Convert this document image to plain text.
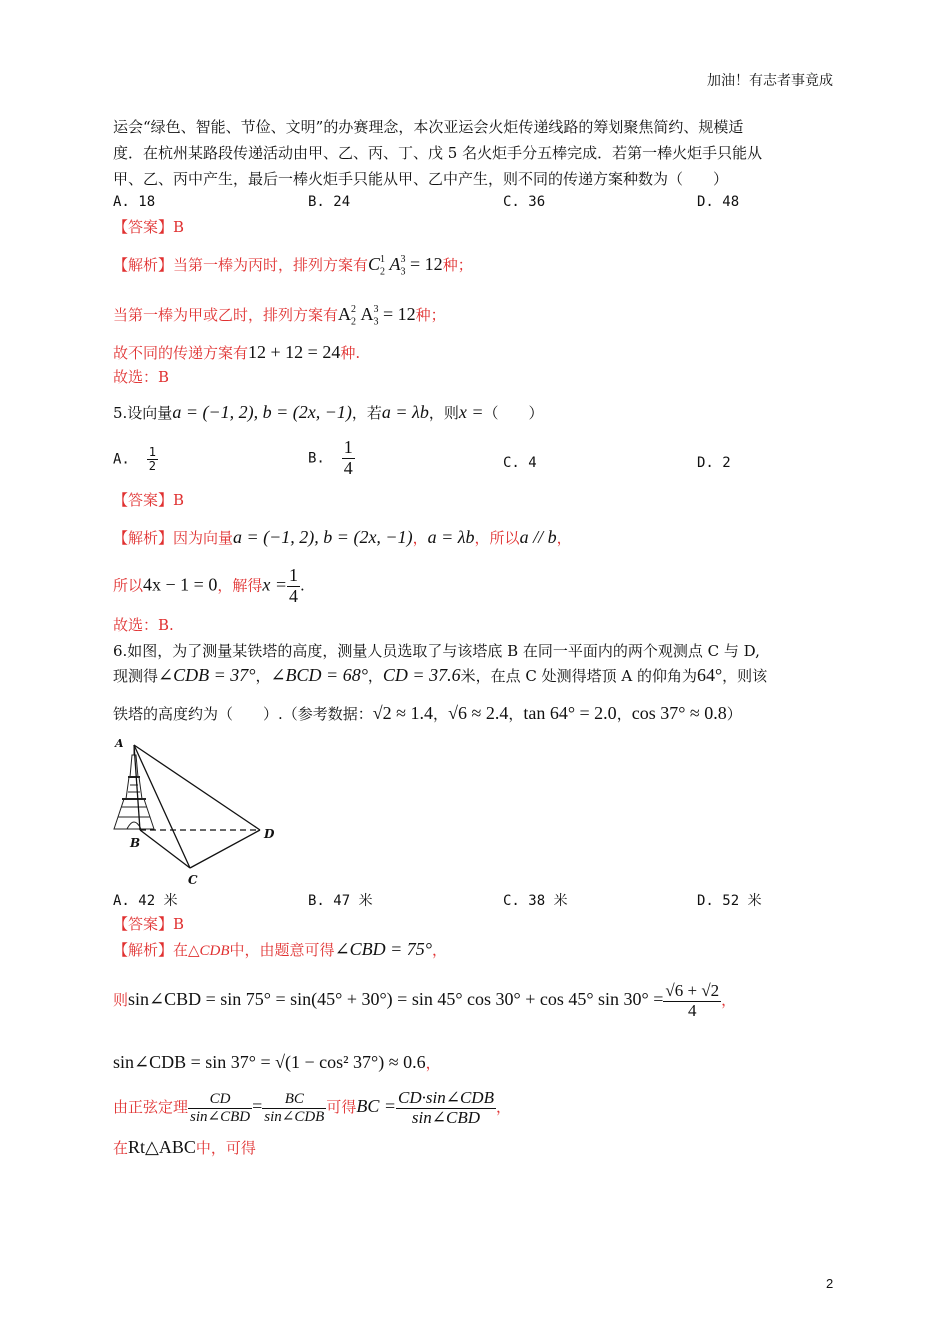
加油！有志者事竟成
运会“绿色、智能、节俭、文明”的办赛理念，本次亚运会火炬传递线路的筹划聚焦简约、规模适
度．在杭州某路段传递活动由甲、乙、丙、丁、戊 5 名火炬手分五棒完成．若第一棒火炬手只能从
甲、乙、丙中产生，最后一棒火炬手只能从甲、乙中产生，则不同的传递方案种数为（　　）
A. 18	B. 24	C. 36	D. 48
【答案】B
【解析】当第一棒为丙时，排列方案有$C_2$
1 $A_3$
3 = 12种；
当第一棒为甲或乙时，排列方案有$A_2$
2 $A_3$
3 = 12种；
故不同的传递方案有12 + 12 = 24种.
故选：B
5.设向量a = (−1, 2), b = (2x, −1)，若a = λb，则x =（　　）
A. $\frac{1}{2}$	B. $\frac{1}{4}$	C. 4	D. 2
【答案】B
【解析】因为向量a = (−1, 2), b = (2x, −1)，a = λb，所以a // b，
所以4x − 1 = 0，解得$x = \frac{1}{4}$ .
故选：B.
6.如图，为了测量某铁塔的高度，测量人员选取了与该塔底 B 在同一平面内的两个观测点 C 与 D,
现测得∠CDB = 37°，∠BCD = 68°，CD = 37.6米，在点 C 处测得塔顶 A 的仰角为64°，则该
铁塔的高度约为（　　）.（参考数据：√2 ≈ 1.4，√6 ≈ 2.4，tan 64° = 2.0，cos 37° ≈ 0.8）
A
B
C
D
A. 42 米	B. 47 米	C. 38 米	D. 52 米
【答案】B
【解析】在△CDB中，由题意可得∠CBD = 75°，
则sin∠CBD = sin 75° = sin(45° + 30°) = sin 45° cos 30° + cos 45° $\sin 30^\circ = \frac{√6 + √2}{4}$ ，
sin∠CDB = sin 37° = √(1 − cos² 37°) ≈ 0.6，
由正弦定理 $\frac{CD}{\text{sin∠CBD}} = \frac{BC}{\text{sin∠CDB}}$ 可得BC = $\frac{\text{CD·sin∠CDB}}{\text{sin∠CBD}}$ ，
在Rt△ABC中，可得
2
